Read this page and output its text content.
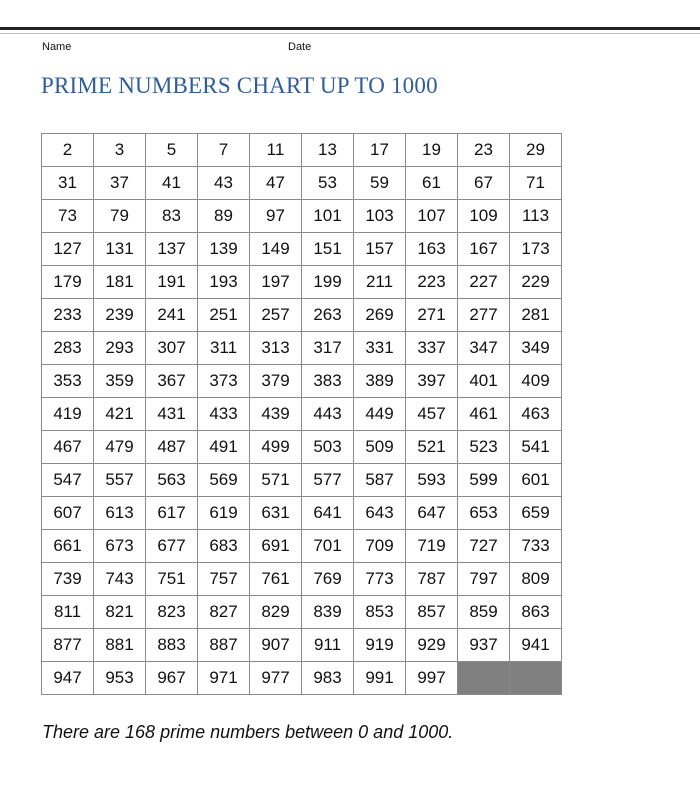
Name	Date
PRIME NUMBERS CHART UP TO 1000
2	3	5	7	11	13	17	19	23	29
31	37	41	43	47	53	59	61	67	71
73	79	83	89	97	101	103	107	109	113
127	131	137	139	149	151	157	163	167	173
179	181	191	193	197	199	211	223	227	229
233	239	241	251	257	263	269	271	277	281
283	293	307	311	313	317	331	337	347	349
353	359	367	373	379	383	389	397	401	409
419	421	431	433	439	443	449	457	461	463
467	479	487	491	499	503	509	521	523	541
547	557	563	569	571	577	587	593	599	601
607	613	617	619	631	641	643	647	653	659
661	673	677	683	691	701	709	719	727	733
739	743	751	757	761	769	773	787	797	809
811	821	823	827	829	839	853	857	859	863
877	881	883	887	907	911	919	929	937	941
947	953	967	971	977	983	991	997		
There are 168 prime numbers between 0 and 1000.
